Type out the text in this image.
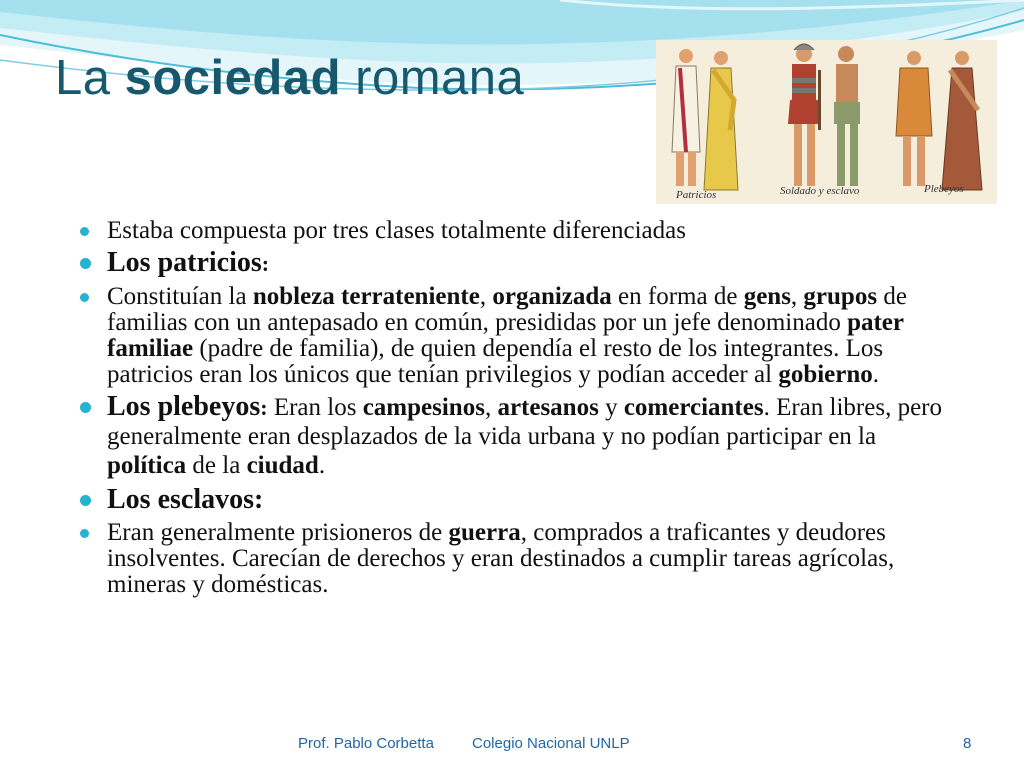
La sociedad romana
Patricios	Soldado y esclavo	Plebeyos
Estaba compuesta por tres clases totalmente diferenciadas
Los patricios:
Constituían la nobleza terrateniente, organizada en forma de gens, grupos de familias con un antepasado en común, presididas por un jefe denominado pater familiae (padre de familia), de quien dependía el resto de los integrantes. Los patricios eran los únicos que tenían privilegios y podían acceder al gobierno.
Los plebeyos: Eran los campesinos, artesanos y comerciantes. Eran libres, pero generalmente eran desplazados de la vida urbana y no podían participar en la política de la ciudad.
Los esclavos:
Eran generalmente prisioneros de guerra, comprados a traficantes y deudores insolventes. Carecían de derechos y eran destinados a cumplir tareas agrícolas, mineras y domésticas.
Prof. Pablo Corbetta	Colegio Nacional UNLP	8
